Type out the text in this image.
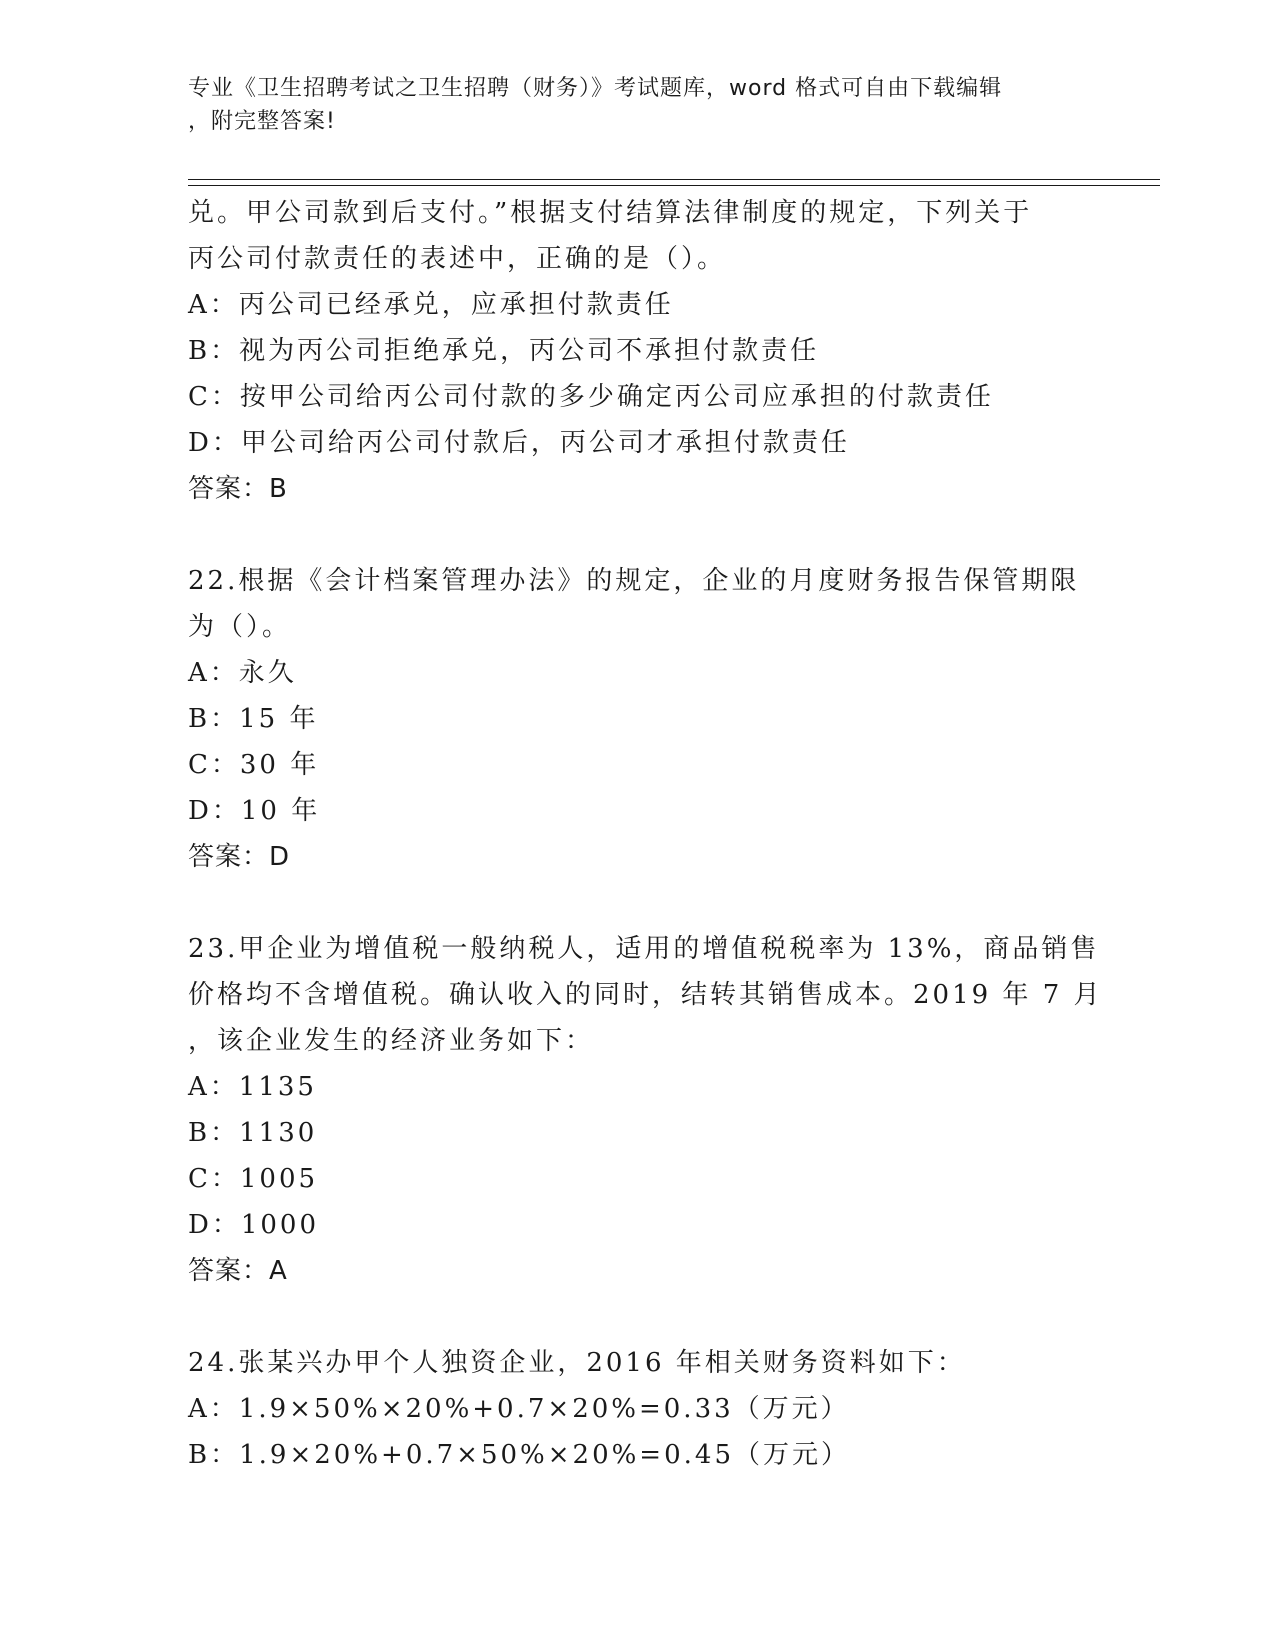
专业《卫生招聘考试之卫生招聘（财务）》考试题库，word 格式可自由下载编辑
，附完整答案!
兑。甲公司款到后支付。”根据支付结算法律制度的规定，下列关于
丙公司付款责任的表述中，正确的是（）。
A：丙公司已经承兑，应承担付款责任
B：视为丙公司拒绝承兑，丙公司不承担付款责任
C：按甲公司给丙公司付款的多少确定丙公司应承担的付款责任
D：甲公司给丙公司付款后，丙公司才承担付款责任
答案：B
22.根据《会计档案管理办法》的规定，企业的月度财务报告保管期限
为（）。
A：永久
B：15 年
C：30 年
D：10 年
答案：D
23.甲企业为增值税一般纳税人，适用的增值税税率为 13%，商品销售
价格均不含增值税。确认收入的同时，结转其销售成本。2019 年 7 月
，该企业发生的经济业务如下：
A：1135
B：1130
C：1005
D：1000
答案：A
24.张某兴办甲个人独资企业，2016 年相关财务资料如下：
A：1.9×50%×20%+0.7×20%=0.33（万元）
B：1.9×20%+0.7×50%×20%=0.45（万元）
